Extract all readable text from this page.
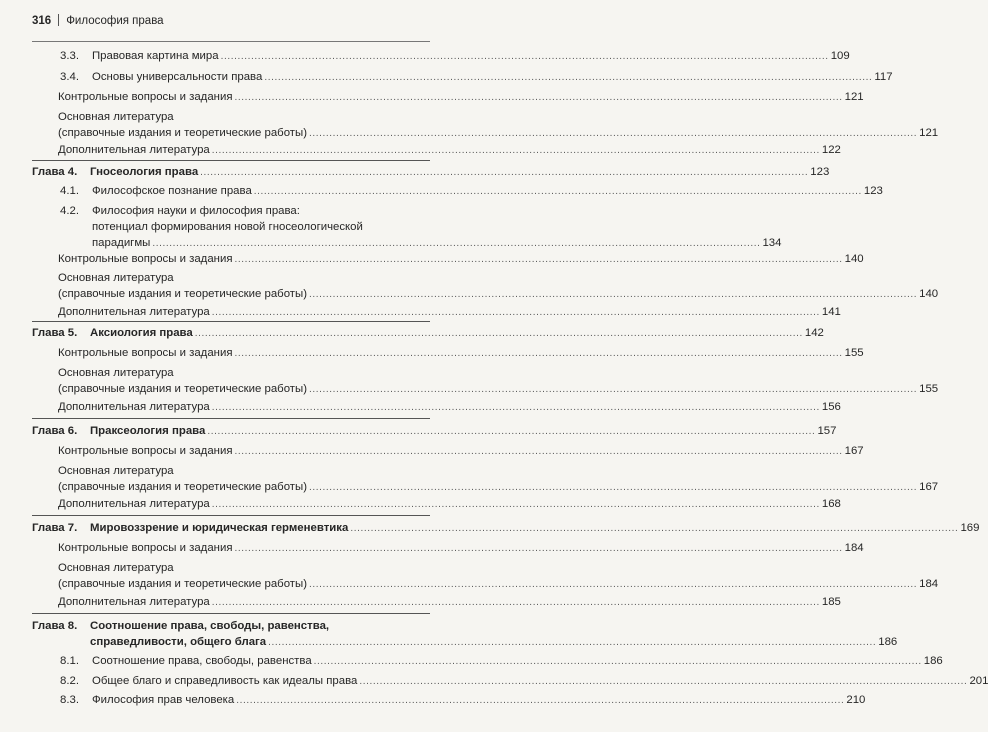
316 Философия права
3.3. Правовая картина мира .................................................................................................................................................................................... 109
3.4. Основы универсальности права .................................................................................................................................................................................... 117
Контрольные вопросы и задания .................................................................................................................................................................................... 121
Основная литература
(справочные издания и теоретические работы) .................................................................................................................................................................................... 121
Дополнительная литература .................................................................................................................................................................................... 122
Глава 4. Гносеология права .................................................................................................................................................................................... 123
4.1. Философское познание права .................................................................................................................................................................................... 123
4.2. Философия науки и философия права:
потенциал формирования новой гносеологической
парадигмы .................................................................................................................................................................................... 134
Контрольные вопросы и задания .................................................................................................................................................................................... 140
Основная литература
(справочные издания и теоретические работы) .................................................................................................................................................................................... 140
Дополнительная литература .................................................................................................................................................................................... 141
Глава 5. Аксиология права .................................................................................................................................................................................... 142
Контрольные вопросы и задания .................................................................................................................................................................................... 155
Основная литература
(справочные издания и теоретические работы) .................................................................................................................................................................................... 155
Дополнительная литература .................................................................................................................................................................................... 156
Глава 6. Праксеология права .................................................................................................................................................................................... 157
Контрольные вопросы и задания .................................................................................................................................................................................... 167
Основная литература
(справочные издания и теоретические работы) .................................................................................................................................................................................... 167
Дополнительная литература .................................................................................................................................................................................... 168
Глава 7. Мировоззрение и юридическая герменевтика .................................................................................................................................................................................... 169
Контрольные вопросы и задания .................................................................................................................................................................................... 184
Основная литература
(справочные издания и теоретические работы) .................................................................................................................................................................................... 184
Дополнительная литература .................................................................................................................................................................................... 185
Глава 8. Соотношение права, свободы, равенства,
справедливости, общего блага .................................................................................................................................................................................... 186
8.1. Соотношение права, свободы, равенства .................................................................................................................................................................................... 186
8.2. Общее благо и справедливость как идеалы права .................................................................................................................................................................................... 201
8.3. Философия прав человека .................................................................................................................................................................................... 210
